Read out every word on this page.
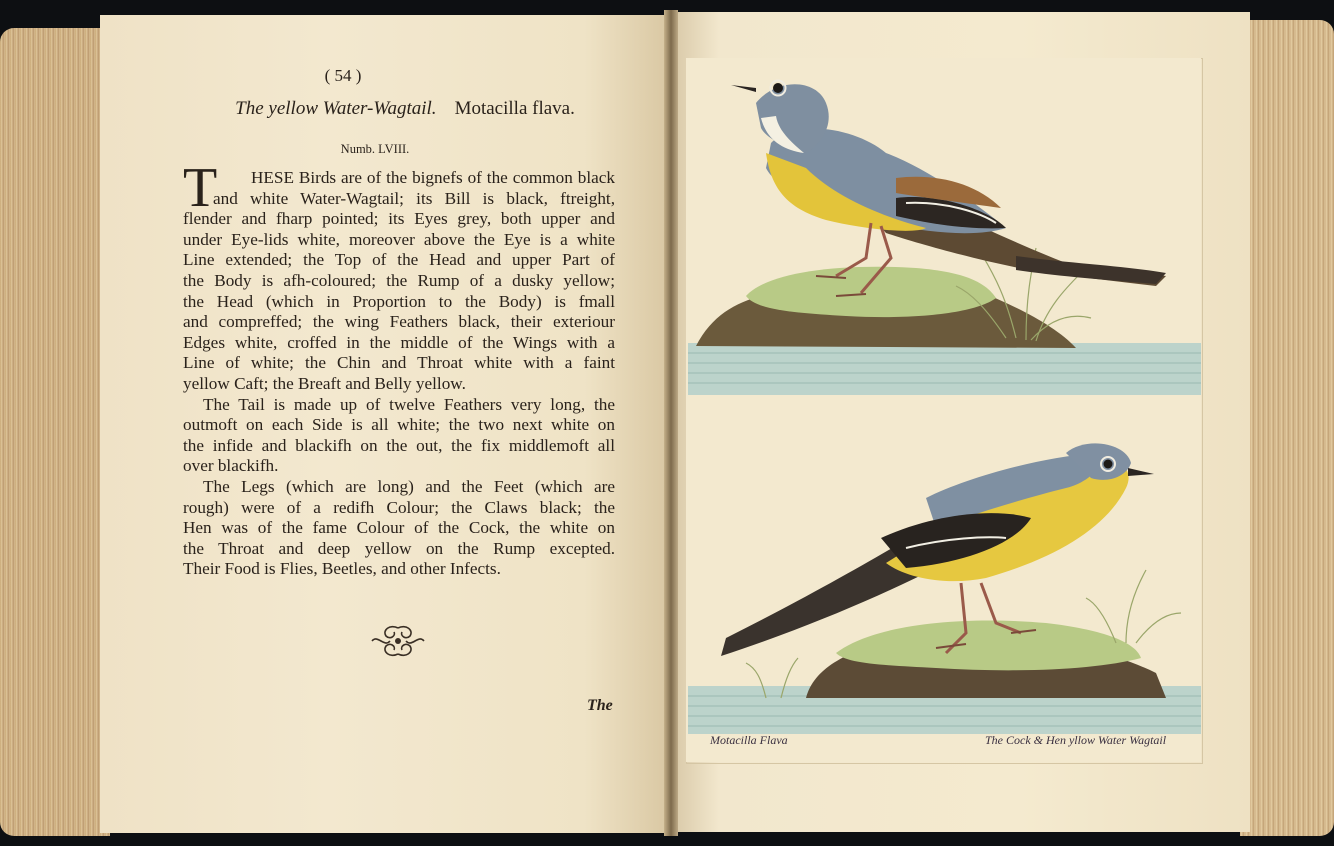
( 54 )
The yellow Water-Wagtail. Motacilla flava.
Numb. LVIII.
T	HESE Birds are of the bignefs of the common black
and white Water-Wagtail; its Bill is black, ftreight,
flender and fharp pointed; its Eyes grey, both upper and
under Eye-lids white, moreover above the Eye is a white
Line extended; the Top of the Head and upper Part of
the Body is afh-coloured; the Rump of a dusky yellow;
the Head (which in Proportion to the Body) is fmall
and compreffed; the wing Feathers black, their exteriour
Edges white, croffed in the middle of the Wings with a
Line of white; the Chin and Throat white with a faint
yellow Caft; the Breaft and Belly yellow.
The Tail is made up of twelve Feathers very long, the
outmoft on each Side is all white; the two next white on
the infide and blackifh on the out, the fix middlemoft all
over blackifh.
The Legs (which are long) and the Feet (which are
rough) were of a redifh Colour; the Claws black; the
Hen was of the fame Colour of the Cock, the white on
the Throat and deep yellow on the Rump excepted.
Their Food is Flies, Beetles, and other Infects.
The
Motacilla Flava	The Cock & Hen yllow Water Wagtail
